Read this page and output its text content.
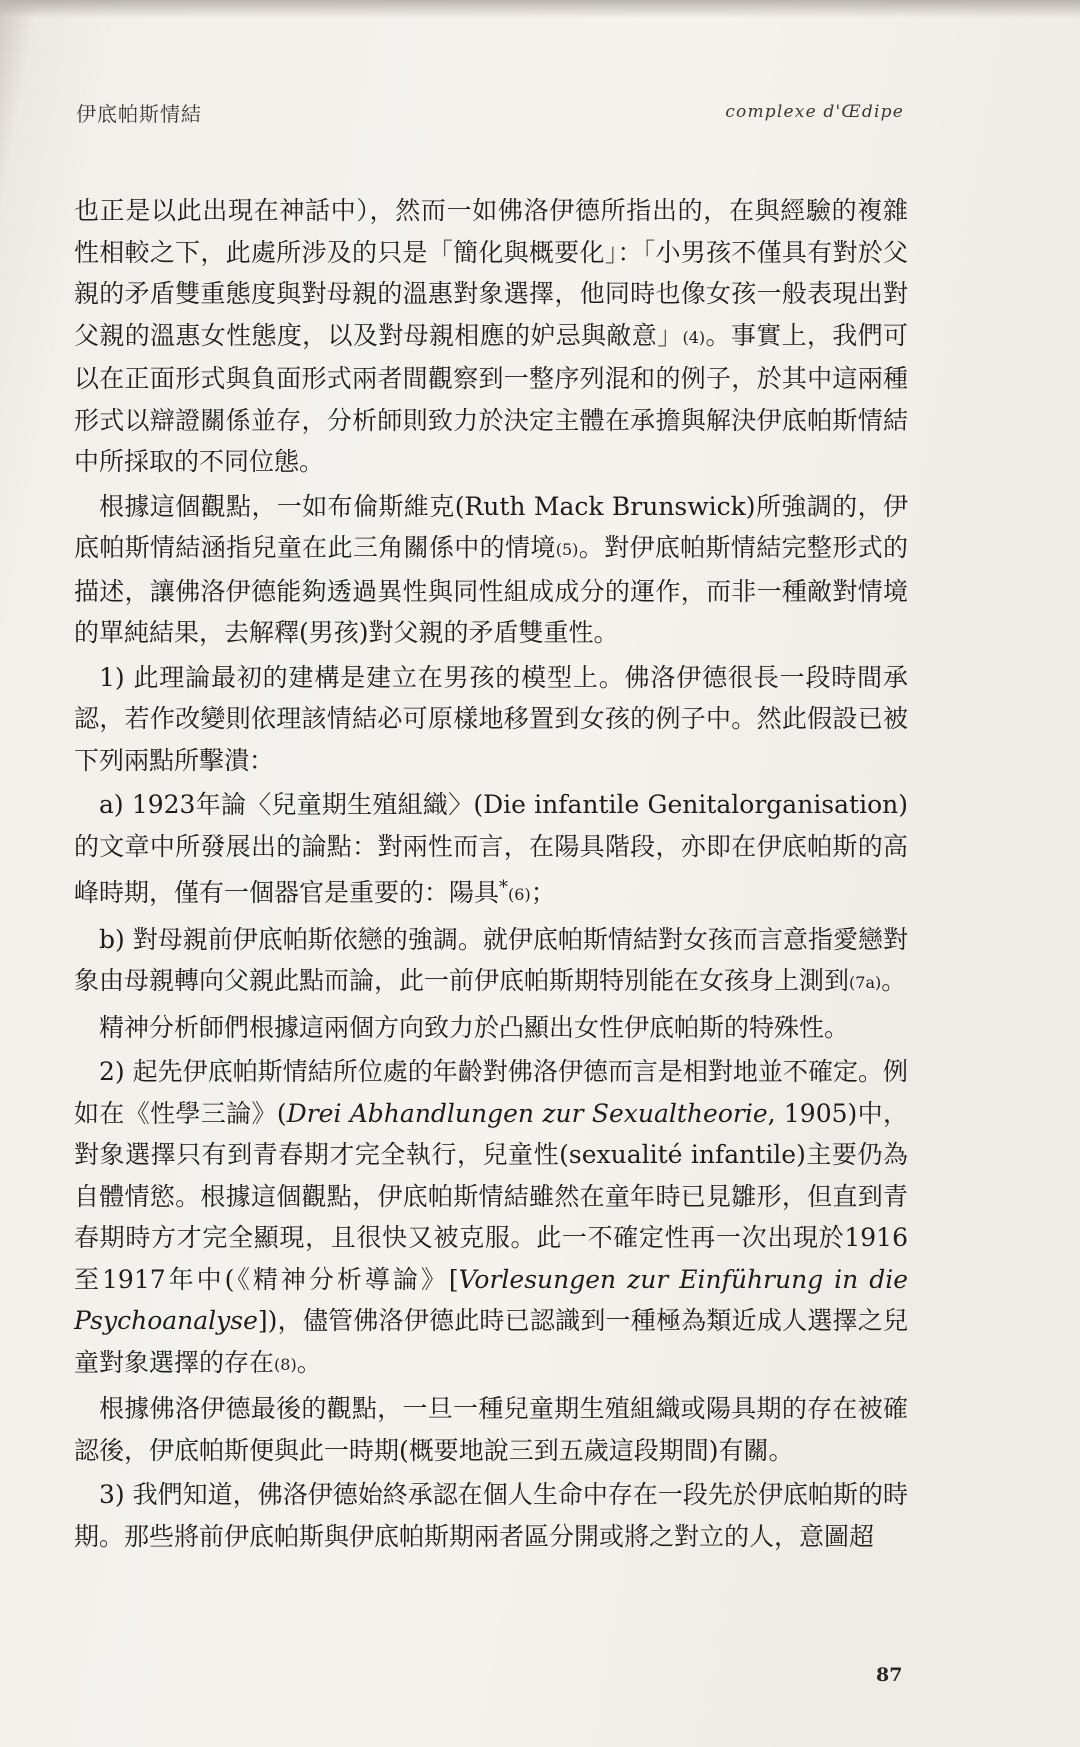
伊底帕斯情結	complexe d'Œdipe

也正是以此出現在神話中），然而一如佛洛伊德所指出的，在與經驗的複雜性相較之下，此處所涉及的只是「簡化與概要化」：「小男孩不僅具有對於父親的矛盾雙重態度與對母親的溫惠對象選擇，他同時也像女孩一般表現出對父親的溫惠女性態度，以及對母親相應的妒忌與敵意」(4)。事實上，我們可以在正面形式與負面形式兩者間觀察到一整序列混和的例子，於其中這兩種形式以辯證關係並存，分析師則致力於決定主體在承擔與解決伊底帕斯情結中所採取的不同位態。

根據這個觀點，一如布倫斯維克(Ruth Mack Brunswick)所強調的，伊底帕斯情結涵指兒童在此三角關係中的情境(5)。對伊底帕斯情結完整形式的描述，讓佛洛伊德能夠透過異性與同性組成成分的運作，而非一種敵對情境的單純結果，去解釋(男孩)對父親的矛盾雙重性。

1) 此理論最初的建構是建立在男孩的模型上。佛洛伊德很長一段時間承認，若作改變則依理該情結必可原樣地移置到女孩的例子中。然此假設已被下列兩點所擊潰：

a) 1923年論〈兒童期生殖組織〉(Die infantile Genitalorganisation)的文章中所發展出的論點：對兩性而言，在陽具階段，亦即在伊底帕斯的高峰時期，僅有一個器官是重要的：陽具*(6)；

b) 對母親前伊底帕斯依戀的強調。就伊底帕斯情結對女孩而言意指愛戀對象由母親轉向父親此點而論，此一前伊底帕斯期特別能在女孩身上測到(7a)。

精神分析師們根據這兩個方向致力於凸顯出女性伊底帕斯的特殊性。

2) 起先伊底帕斯情結所位處的年齡對佛洛伊德而言是相對地並不確定。例如在《性學三論》(Drei Abhandlungen zur Sexualtheorie, 1905)中，對象選擇只有到青春期才完全執行，兒童性(sexualité infantile)主要仍為自體情慾。根據這個觀點，伊底帕斯情結雖然在童年時已見雛形，但直到青春期時方才完全顯現，且很快又被克服。此一不確定性再一次出現於1916至1917年中(《精神分析導論》[Vorlesungen zur Einführung in die Psychoanalyse])，儘管佛洛伊德此時已認識到一種極為類近成人選擇之兒童對象選擇的存在(8)。

根據佛洛伊德最後的觀點，一旦一種兒童期生殖組織或陽具期的存在被確認後，伊底帕斯便與此一時期(概要地說三到五歲這段期間)有關。

3) 我們知道，佛洛伊德始終承認在個人生命中存在一段先於伊底帕斯的時期。那些將前伊底帕斯與伊底帕斯期兩者區分開或將之對立的人，意圖超

87
